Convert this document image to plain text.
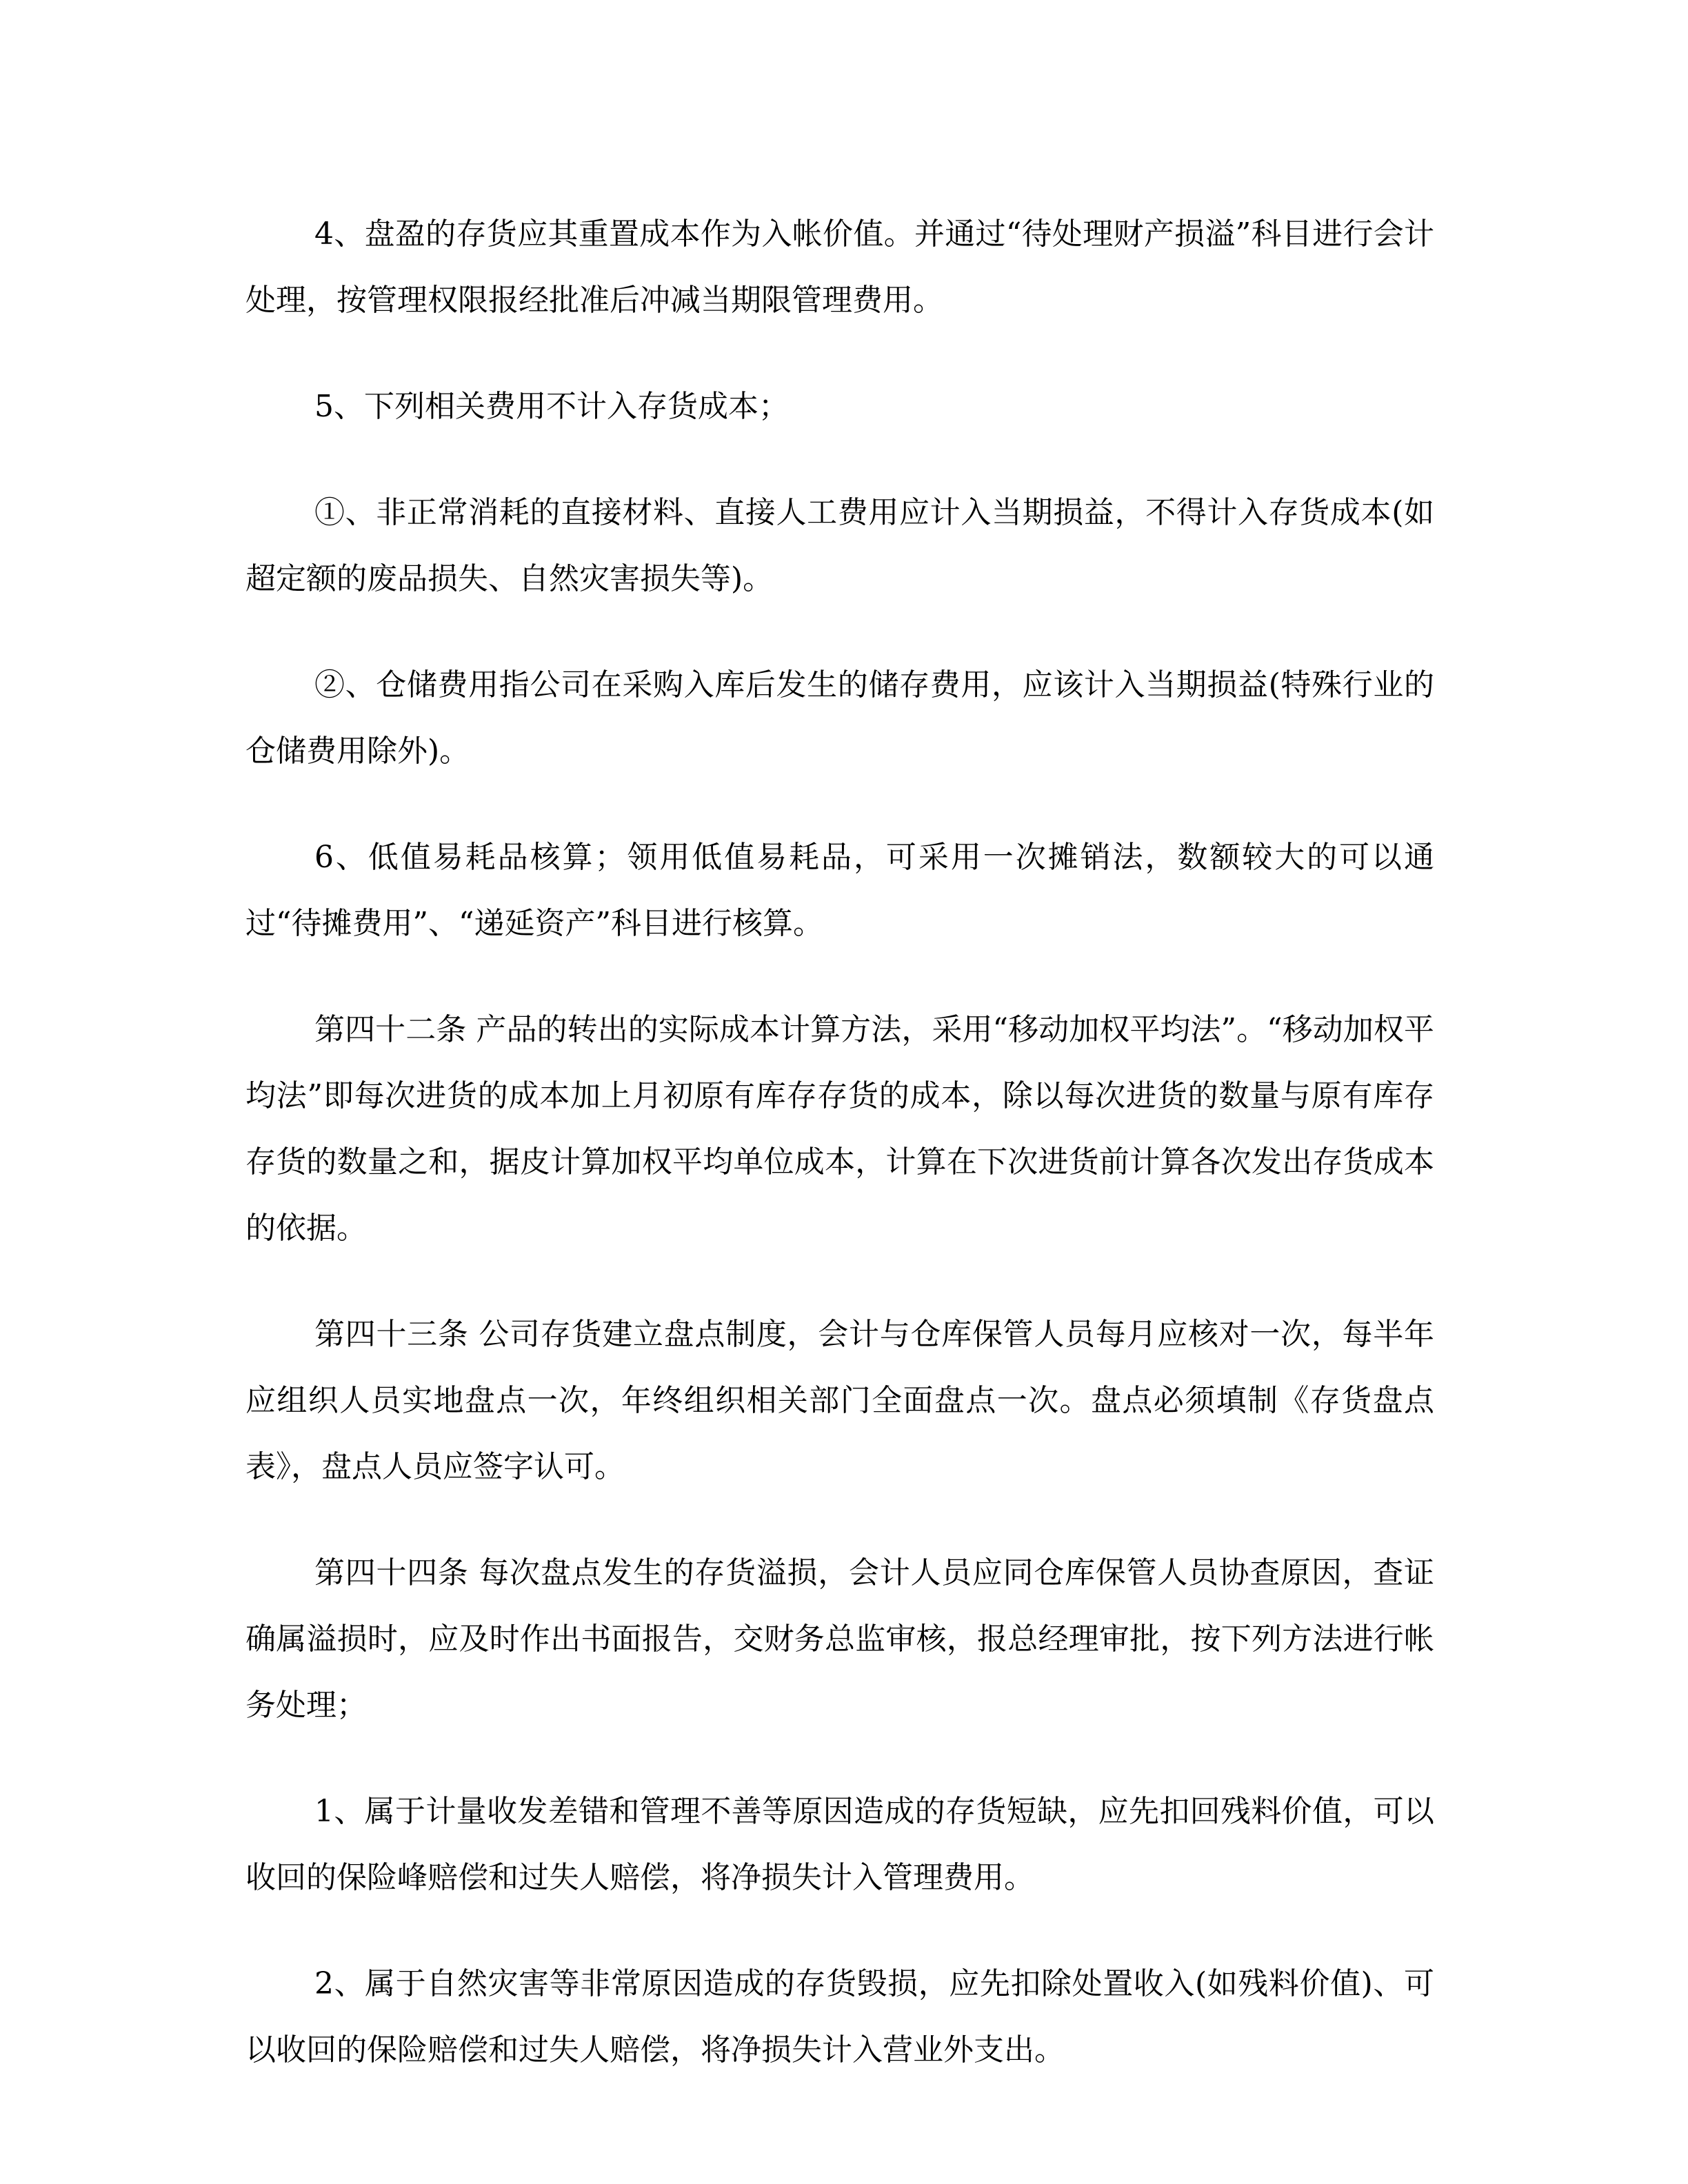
4、盘盈的存货应其重置成本作为入帐价值。并通过“待处理财产损溢”科目进行会计处理，按管理权限报经批准后冲减当期限管理费用。

5、下列相关费用不计入存货成本；

①、非正常消耗的直接材料、直接人工费用应计入当期损益，不得计入存货成本(如超定额的废品损失、自然灾害损失等)。

②、仓储费用指公司在采购入库后发生的储存费用，应该计入当期损益(特殊行业的仓储费用除外)。

6、低值易耗品核算；领用低值易耗品，可采用一次摊销法，数额较大的可以通过“待摊费用”、“递延资产”科目进行核算。

第四十二条 产品的转出的实际成本计算方法，采用“移动加权平均法”。“移动加权平均法”即每次进货的成本加上月初原有库存存货的成本，除以每次进货的数量与原有库存存货的数量之和，据皮计算加权平均单位成本，计算在下次进货前计算各次发出存货成本的依据。

第四十三条 公司存货建立盘点制度，会计与仓库保管人员每月应核对一次，每半年应组织人员实地盘点一次，年终组织相关部门全面盘点一次。盘点必须填制《存货盘点表》，盘点人员应签字认可。

第四十四条 每次盘点发生的存货溢损，会计人员应同仓库保管人员协查原因，查证确属溢损时，应及时作出书面报告，交财务总监审核，报总经理审批，按下列方法进行帐务处理；

1、属于计量收发差错和管理不善等原因造成的存货短缺，应先扣回残料价值，可以收回的保险峰赔偿和过失人赔偿，将净损失计入管理费用。

2、属于自然灾害等非常原因造成的存货毁损，应先扣除处置收入(如残料价值)、可以收回的保险赔偿和过失人赔偿，将净损失计入营业外支出。
